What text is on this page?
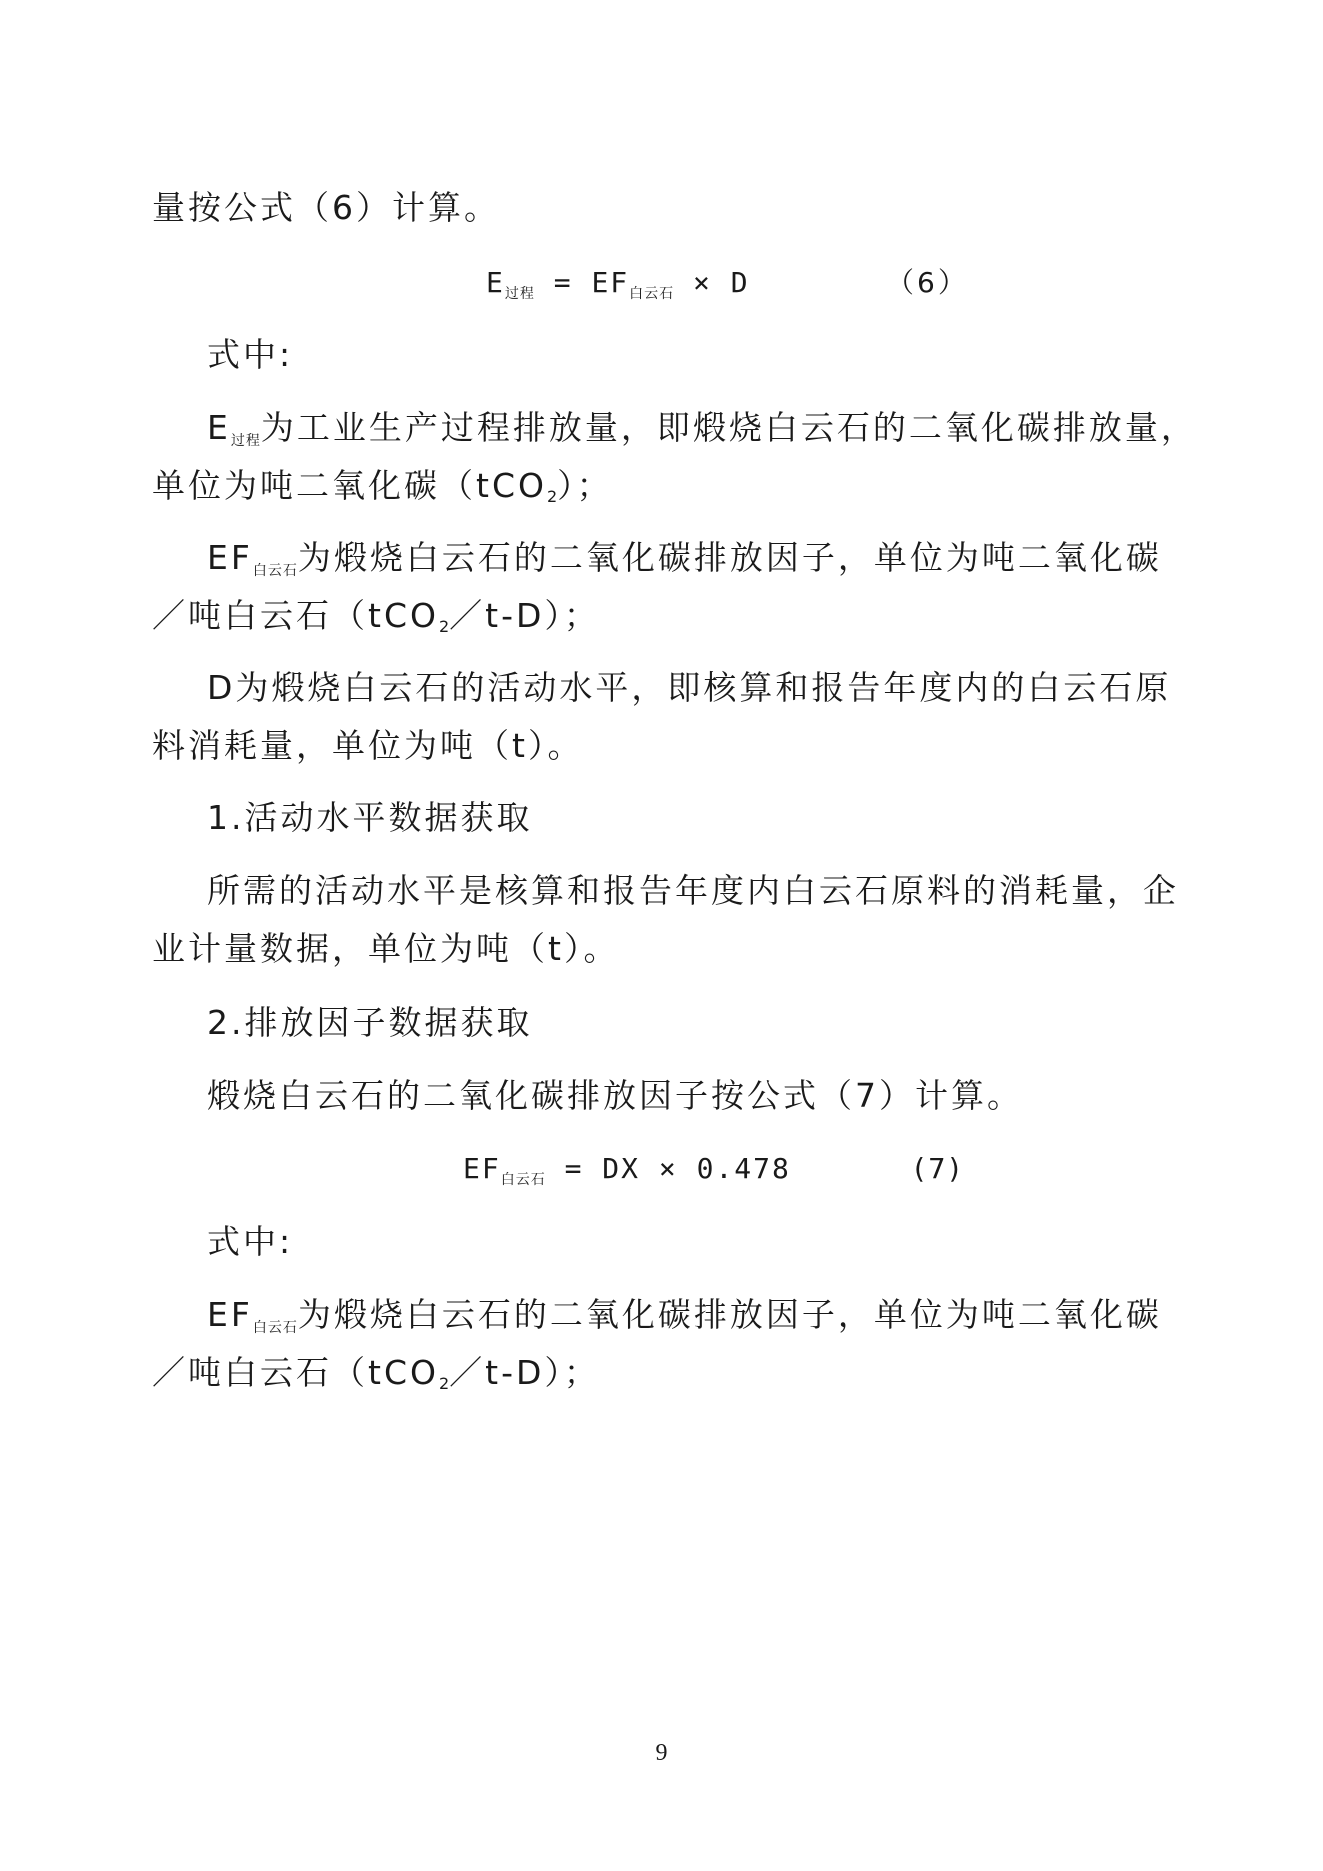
量按公式（6）计算。
$E_{过程} = EF_{白云石} \times D$	（6）
式中:
$E_{过程}$为工业生产过程排放量，即煅烧白云石的二氧化碳排放量，
单位为吨二氧化碳（tCO2）；
$EF_{白云石}$为煅烧白云石的二氧化碳排放因子，单位为吨二氧化碳
／吨白云石（tCO2／t-D）；
D为煅烧白云石的活动水平，即核算和报告年度内的白云石原
料消耗量，单位为吨（t）。
1.活动水平数据获取
所需的活动水平是核算和报告年度内白云石原料的消耗量，企
业计量数据，单位为吨（t）。
2.排放因子数据获取
煅烧白云石的二氧化碳排放因子按公式（7）计算。
$EF_{白云石}$ = DX × 0.478	(7)
式中:
$EF_{白云石}$为煅烧白云石的二氧化碳排放因子，单位为吨二氧化碳
／吨白云石（tCO2／t-D）；
9
